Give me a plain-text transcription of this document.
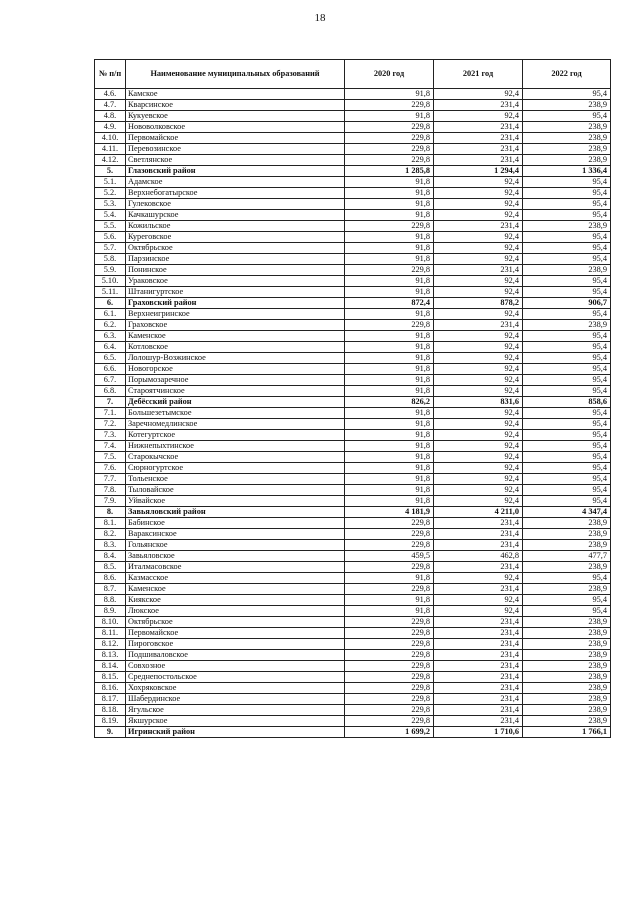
18
№ п/п	Наименование муниципальных образований	2020 год	2021 год	2022 год
4.6.	Камское	91,8	92,4	95,4
4.7.	Кварсинское	229,8	231,4	238,9
4.8.	Кукуевское	91,8	92,4	95,4
4.9.	Нововолковское	229,8	231,4	238,9
4.10.	Первомайское	229,8	231,4	238,9
4.11.	Перевозинское	229,8	231,4	238,9
4.12.	Светлянское	229,8	231,4	238,9
5.	Глазовский район	1 285,8	1 294,4	1 336,4
5.1.	Адамское	91,8	92,4	95,4
5.2.	Верхнебогатырское	91,8	92,4	95,4
5.3.	Гулековское	91,8	92,4	95,4
5.4.	Качкашурское	91,8	92,4	95,4
5.5.	Кожильское	229,8	231,4	238,9
5.6.	Куреговское	91,8	92,4	95,4
5.7.	Октябрьское	91,8	92,4	95,4
5.8.	Парзинское	91,8	92,4	95,4
5.9.	Понинское	229,8	231,4	238,9
5.10.	Ураковское	91,8	92,4	95,4
5.11.	Штанигуртское	91,8	92,4	95,4
6.	Граховский район	872,4	878,2	906,7
6.1.	Верхнеигринское	91,8	92,4	95,4
6.2.	Граховское	229,8	231,4	238,9
6.3.	Каменское	91,8	92,4	95,4
6.4.	Котловское	91,8	92,4	95,4
6.5.	Лолошур-Возжинское	91,8	92,4	95,4
6.6.	Новогорское	91,8	92,4	95,4
6.7.	Порымозаречное	91,8	92,4	95,4
6.8.	Староятчинское	91,8	92,4	95,4
7.	Дебёсский район	826,2	831,6	858,6
7.1.	Большезетымское	91,8	92,4	95,4
7.2.	Заречномедлинское	91,8	92,4	95,4
7.3.	Котегуртское	91,8	92,4	95,4
7.4.	Нижнепыхтинское	91,8	92,4	95,4
7.5.	Старокычское	91,8	92,4	95,4
7.6.	Сюрногуртское	91,8	92,4	95,4
7.7.	Тольенское	91,8	92,4	95,4
7.8.	Тыловайское	91,8	92,4	95,4
7.9.	Уйвайское	91,8	92,4	95,4
8.	Завьяловский район	4 181,9	4 211,0	4 347,4
8.1.	Бабинское	229,8	231,4	238,9
8.2.	Вараксинское	229,8	231,4	238,9
8.3.	Гольянское	229,8	231,4	238,9
8.4.	Завьяловское	459,5	462,8	477,7
8.5.	Италмасовское	229,8	231,4	238,9
8.6.	Казмасское	91,8	92,4	95,4
8.7.	Каменское	229,8	231,4	238,9
8.8.	Киякское	91,8	92,4	95,4
8.9.	Люкское	91,8	92,4	95,4
8.10.	Октябрьское	229,8	231,4	238,9
8.11.	Первомайское	229,8	231,4	238,9
8.12.	Пироговское	229,8	231,4	238,9
8.13.	Подшиваловское	229,8	231,4	238,9
8.14.	Совхозное	229,8	231,4	238,9
8.15.	Среднепостольское	229,8	231,4	238,9
8.16.	Хохряковское	229,8	231,4	238,9
8.17.	Шабердинское	229,8	231,4	238,9
8.18.	Ягульское	229,8	231,4	238,9
8.19.	Якшурское	229,8	231,4	238,9
9.	Игринский район	1 699,2	1 710,6	1 766,1
